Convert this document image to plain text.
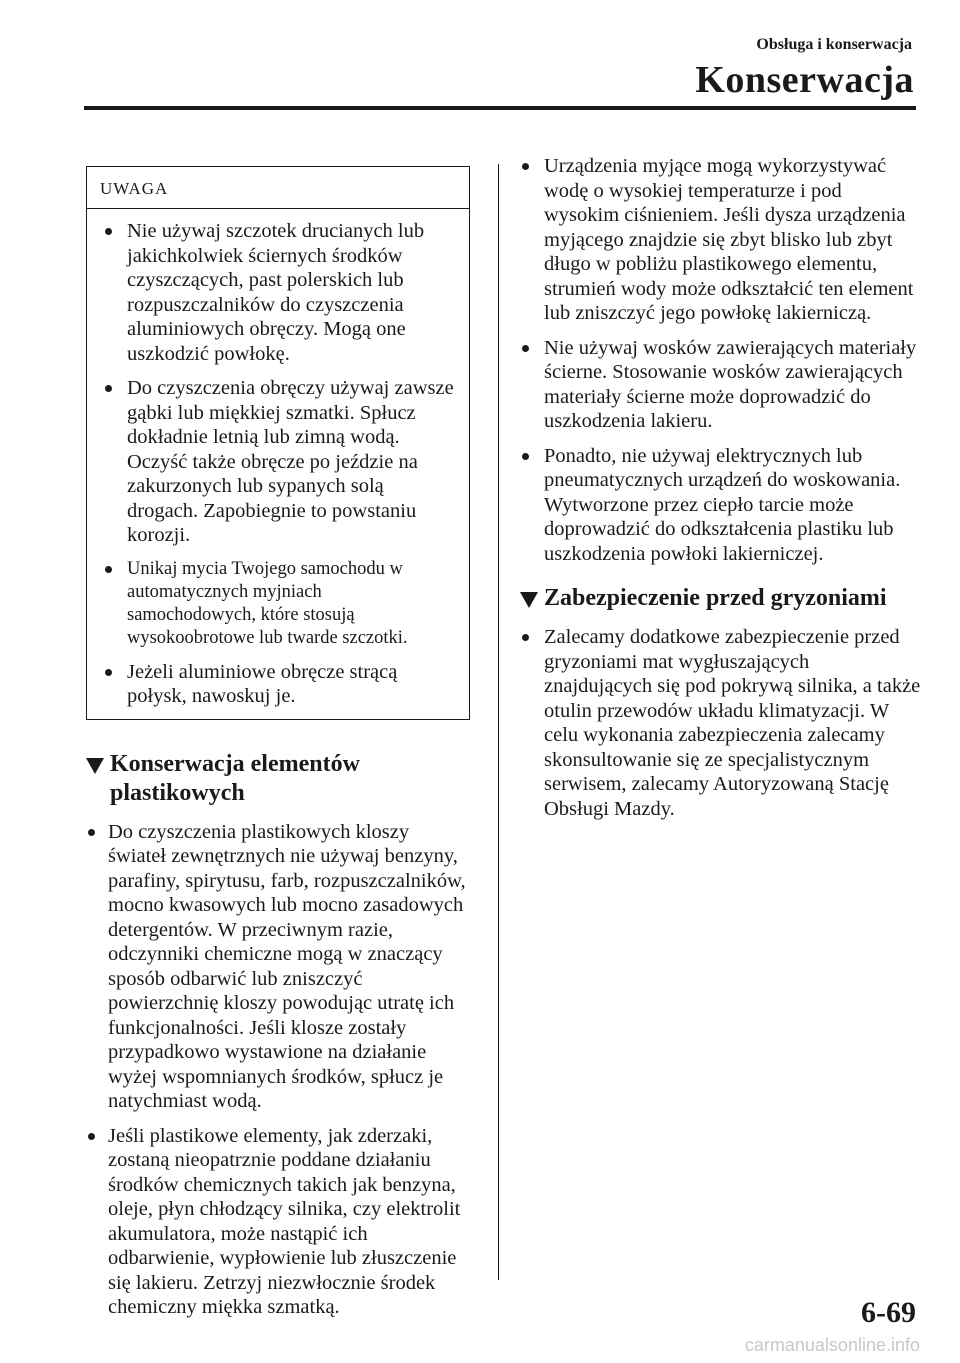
Obsługa i konserwacja
Konserwacja
UWAGA
Nie używaj szczotek drucianych lub jakichkolwiek ściernych środków czyszczących, past polerskich lub rozpuszczalników do czyszczenia aluminiowych obręczy. Mogą one uszkodzić powłokę.
Do czyszczenia obręczy używaj zawsze gąbki lub miękkiej szmatki. Spłucz dokładnie letnią lub zimną wodą. Oczyść także obręcze po jeździe na zakurzonych lub sypanych solą drogach. Zapobiegnie to powstaniu korozji.
Unikaj mycia Twojego samochodu w automatycznych myjniach samochodowych, które stosują wysokoobrotowe lub twarde szczotki.
Jeżeli aluminiowe obręcze strącą połysk, nawoskuj je.
Konserwacja elementów plastikowych
Do czyszczenia plastikowych kloszy świateł zewnętrznych nie używaj benzyny, parafiny, spirytusu, farb, rozpuszczalników, mocno kwasowych lub mocno zasadowych detergentów. W przeciwnym razie, odczynniki chemiczne mogą w znaczący sposób odbarwić lub zniszczyć powierzchnię kloszy powodując utratę ich funkcjonalności. Jeśli klosze zostały przypadkowo wystawione na działanie wyżej wspomnianych środków, spłucz je natychmiast wodą.
Jeśli plastikowe elementy, jak zderzaki, zostaną nieopatrznie poddane działaniu środków chemicznych takich jak benzyna, oleje, płyn chłodzący silnika, czy elektrolit akumulatora, może nastąpić ich odbarwienie, wypłowienie lub złuszczenie się lakieru. Zetrzyj niezwłocznie środek chemiczny miękka szmatką.
Urządzenia myjące mogą wykorzystywać wodę o wysokiej temperaturze i pod wysokim ciśnieniem. Jeśli dysza urządzenia myjącego znajdzie się zbyt blisko lub zbyt długo w pobliżu plastikowego elementu, strumień wody może odkształcić ten element lub zniszczyć jego powłokę lakierniczą.
Nie używaj wosków zawierających materiały ścierne. Stosowanie wosków zawierających materiały ścierne może doprowadzić do uszkodzenia lakieru.
Ponadto, nie używaj elektrycznych lub pneumatycznych urządzeń do woskowania. Wytworzone przez ciepło tarcie może doprowadzić do odkształcenia plastiku lub uszkodzenia powłoki lakierniczej.
Zabezpieczenie przed gryzoniami
Zalecamy dodatkowe zabezpieczenie przed gryzoniami mat wygłuszających znajdujących się pod pokrywą silnika, a także otulin przewodów układu klimatyzacji. W celu wykonania zabezpieczenia zalecamy skonsultowanie się ze specjalistycznym serwisem, zalecamy Autoryzowaną Stację Obsługi Mazdy.
6-69
carmanualsonline.info
